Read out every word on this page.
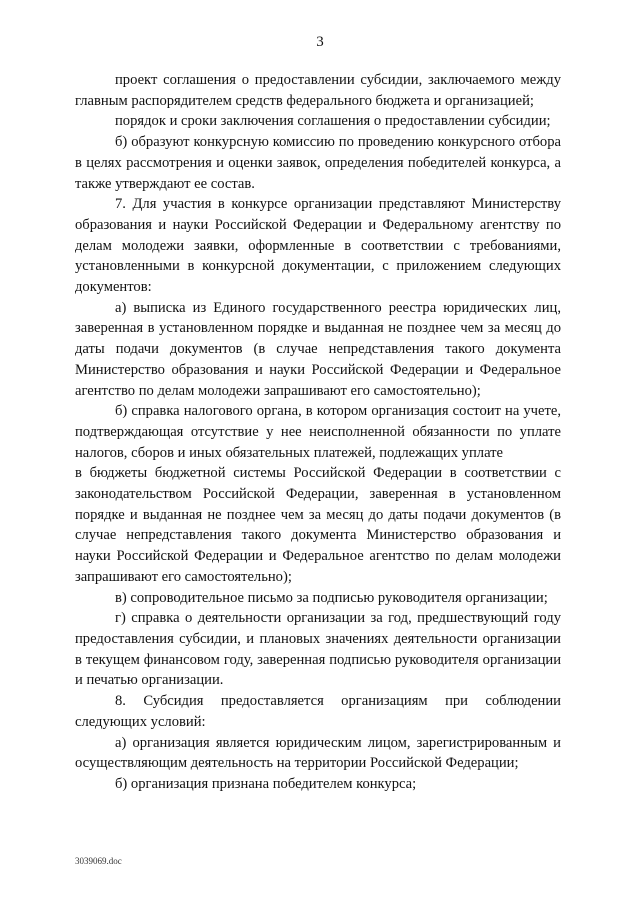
3

проект соглашения о предоставлении субсидии, заключаемого между главным распорядителем средств федерального бюджета и организацией;

порядок и сроки заключения соглашения о предоставлении субсидии;

б) образуют конкурсную комиссию по проведению конкурсного отбора в целях рассмотрения и оценки заявок, определения победителей конкурса, а также утверждают ее состав.

7. Для участия в конкурсе организации представляют Министерству образования и науки Российской Федерации и Федеральному агентству по делам молодежи заявки, оформленные в соответствии с требованиями, установленными в конкурсной документации, с приложением следующих документов:

а) выписка из Единого государственного реестра юридических лиц, заверенная в установленном порядке и выданная не позднее чем за месяц до даты подачи документов (в случае непредставления такого документа Министерство образования и науки Российской Федерации и Федеральное агентство по делам молодежи запрашивают его самостоятельно);

б) справка налогового органа, в котором организация состоит на учете, подтверждающая отсутствие у нее неисполненной обязанности по уплате налогов, сборов и иных обязательных платежей, подлежащих уплате

в бюджеты бюджетной системы Российской Федерации в соответствии с законодательством Российской Федерации, заверенная в установленном порядке и выданная не позднее чем за месяц до даты подачи документов (в случае непредставления такого документа Министерство образования и науки Российской Федерации и Федеральное агентство по делам молодежи запрашивают его самостоятельно);

в) сопроводительное письмо за подписью руководителя организации;

г) справка о деятельности организации за год, предшествующий году предоставления субсидии, и плановых значениях деятельности организации в текущем финансовом году, заверенная подписью руководителя организации и печатью организации.

8. Субсидия предоставляется организациям при соблюдении следующих условий:

а) организация является юридическим лицом, зарегистрированным и осуществляющим деятельность на территории Российской Федерации;

б) организация признана победителем конкурса;

3039069.doc
